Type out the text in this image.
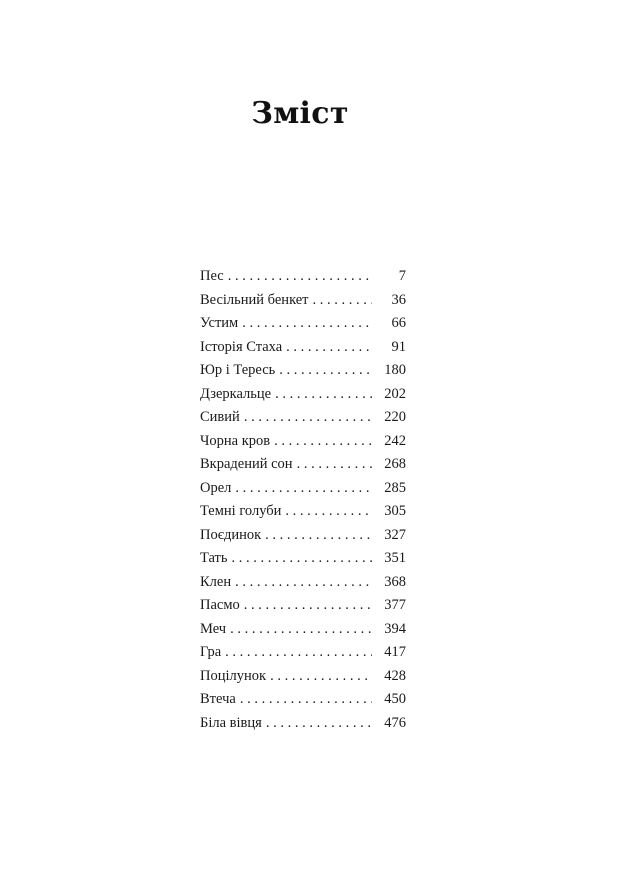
Зміст
Пес . . .	7
Весільний бенкет . . .	36
Устим . . .	66
Історія Стаха . . .	91
Юр і Тересь . . .	180
Дзеркальце . . .	202
Сивий . . .	220
Чорна кров . . .	242
Вкрадений сон . . .	268
Орел . . .	285
Темні голуби . . .	305
Поєдинок . . .	327
Тать . . .	351
Клен . . .	368
Пасмо . . .	377
Меч . . .	394
Гра . . .	417
Поцілунок . . .	428
Втеча . . .	450
Біла вівця . . .	476
